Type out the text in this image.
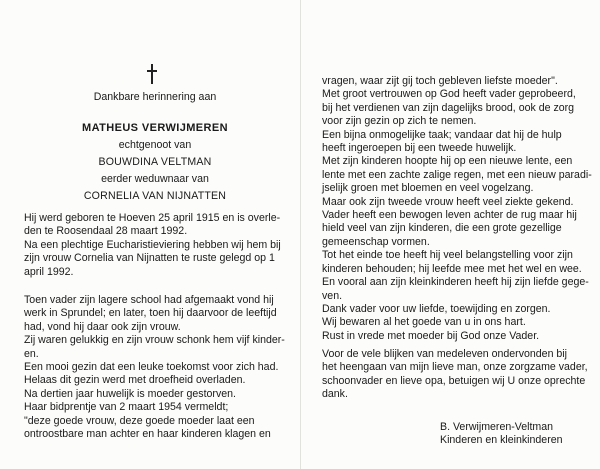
Dankbare herinnering aan
MATHEUS VERWIJMEREN
echtgenoot van
BOUWDINA VELTMAN
eerder weduwnaar van
CORNELIA VAN NIJNATTEN
Hij werd geboren te Hoeven 25 april 1915 en is overle-
den te Roosendaal 28 maart 1992.
Na een plechtige Eucharistieviering hebben wij hem bij
zijn vrouw Cornelia van Nijnatten te ruste gelegd op 1
april 1992.
Toen vader zijn lagere school had afgemaakt vond hij
werk in Sprundel; en later, toen hij daarvoor de leeftijd
had, vond hij daar ook zijn vrouw.
Zij waren gelukkig en zijn vrouw schonk hem vijf kinder-
en.
Een mooi gezin dat een leuke toekomst voor zich had.
Helaas dit gezin werd met droefheid overladen.
Na dertien jaar huwelijk is moeder gestorven.
Haar bidprentje van 2 maart 1954 vermeldt;
"deze goede vrouw, deze goede moeder laat een
ontroostbare man achter en haar kinderen klagen en
vragen, waar zijt gij toch gebleven liefste moeder".
Met groot vertrouwen op God heeft vader geprobeerd,
bij het verdienen van zijn dagelijks brood, ook de zorg
voor zijn gezin op zich te nemen.
Een bijna onmogelijke taak; vandaar dat hij de hulp
heeft ingeroepen bij een tweede huwelijk.
Met zijn kinderen hoopte hij op een nieuwe lente, een
lente met een zachte zalige regen, met een nieuw paradi-
jselijk groen met bloemen en veel vogelzang.
Maar ook zijn tweede vrouw heeft veel ziekte gekend.
Vader heeft een bewogen leven achter de rug maar hij
hield veel van zijn kinderen, die een grote gezellige
gemeenschap vormen.
Tot het einde toe heeft hij veel belangstelling voor zijn
kinderen behouden; hij leefde mee met het wel en wee.
En vooral aan zijn kleinkinderen heeft hij zijn liefde gege-
ven.
Dank vader voor uw liefde, toewijding en zorgen.
Wij bewaren al het goede van u in ons hart.
Rust in vrede met moeder bij God onze Vader.
Voor de vele blijken van medeleven ondervonden bij
het heengaan van mijn lieve man, onze zorgzame vader,
schoonvader en lieve opa, betuigen wij U onze oprechte
dank.
B. Verwijmeren-Veltman
Kinderen en kleinkinderen
